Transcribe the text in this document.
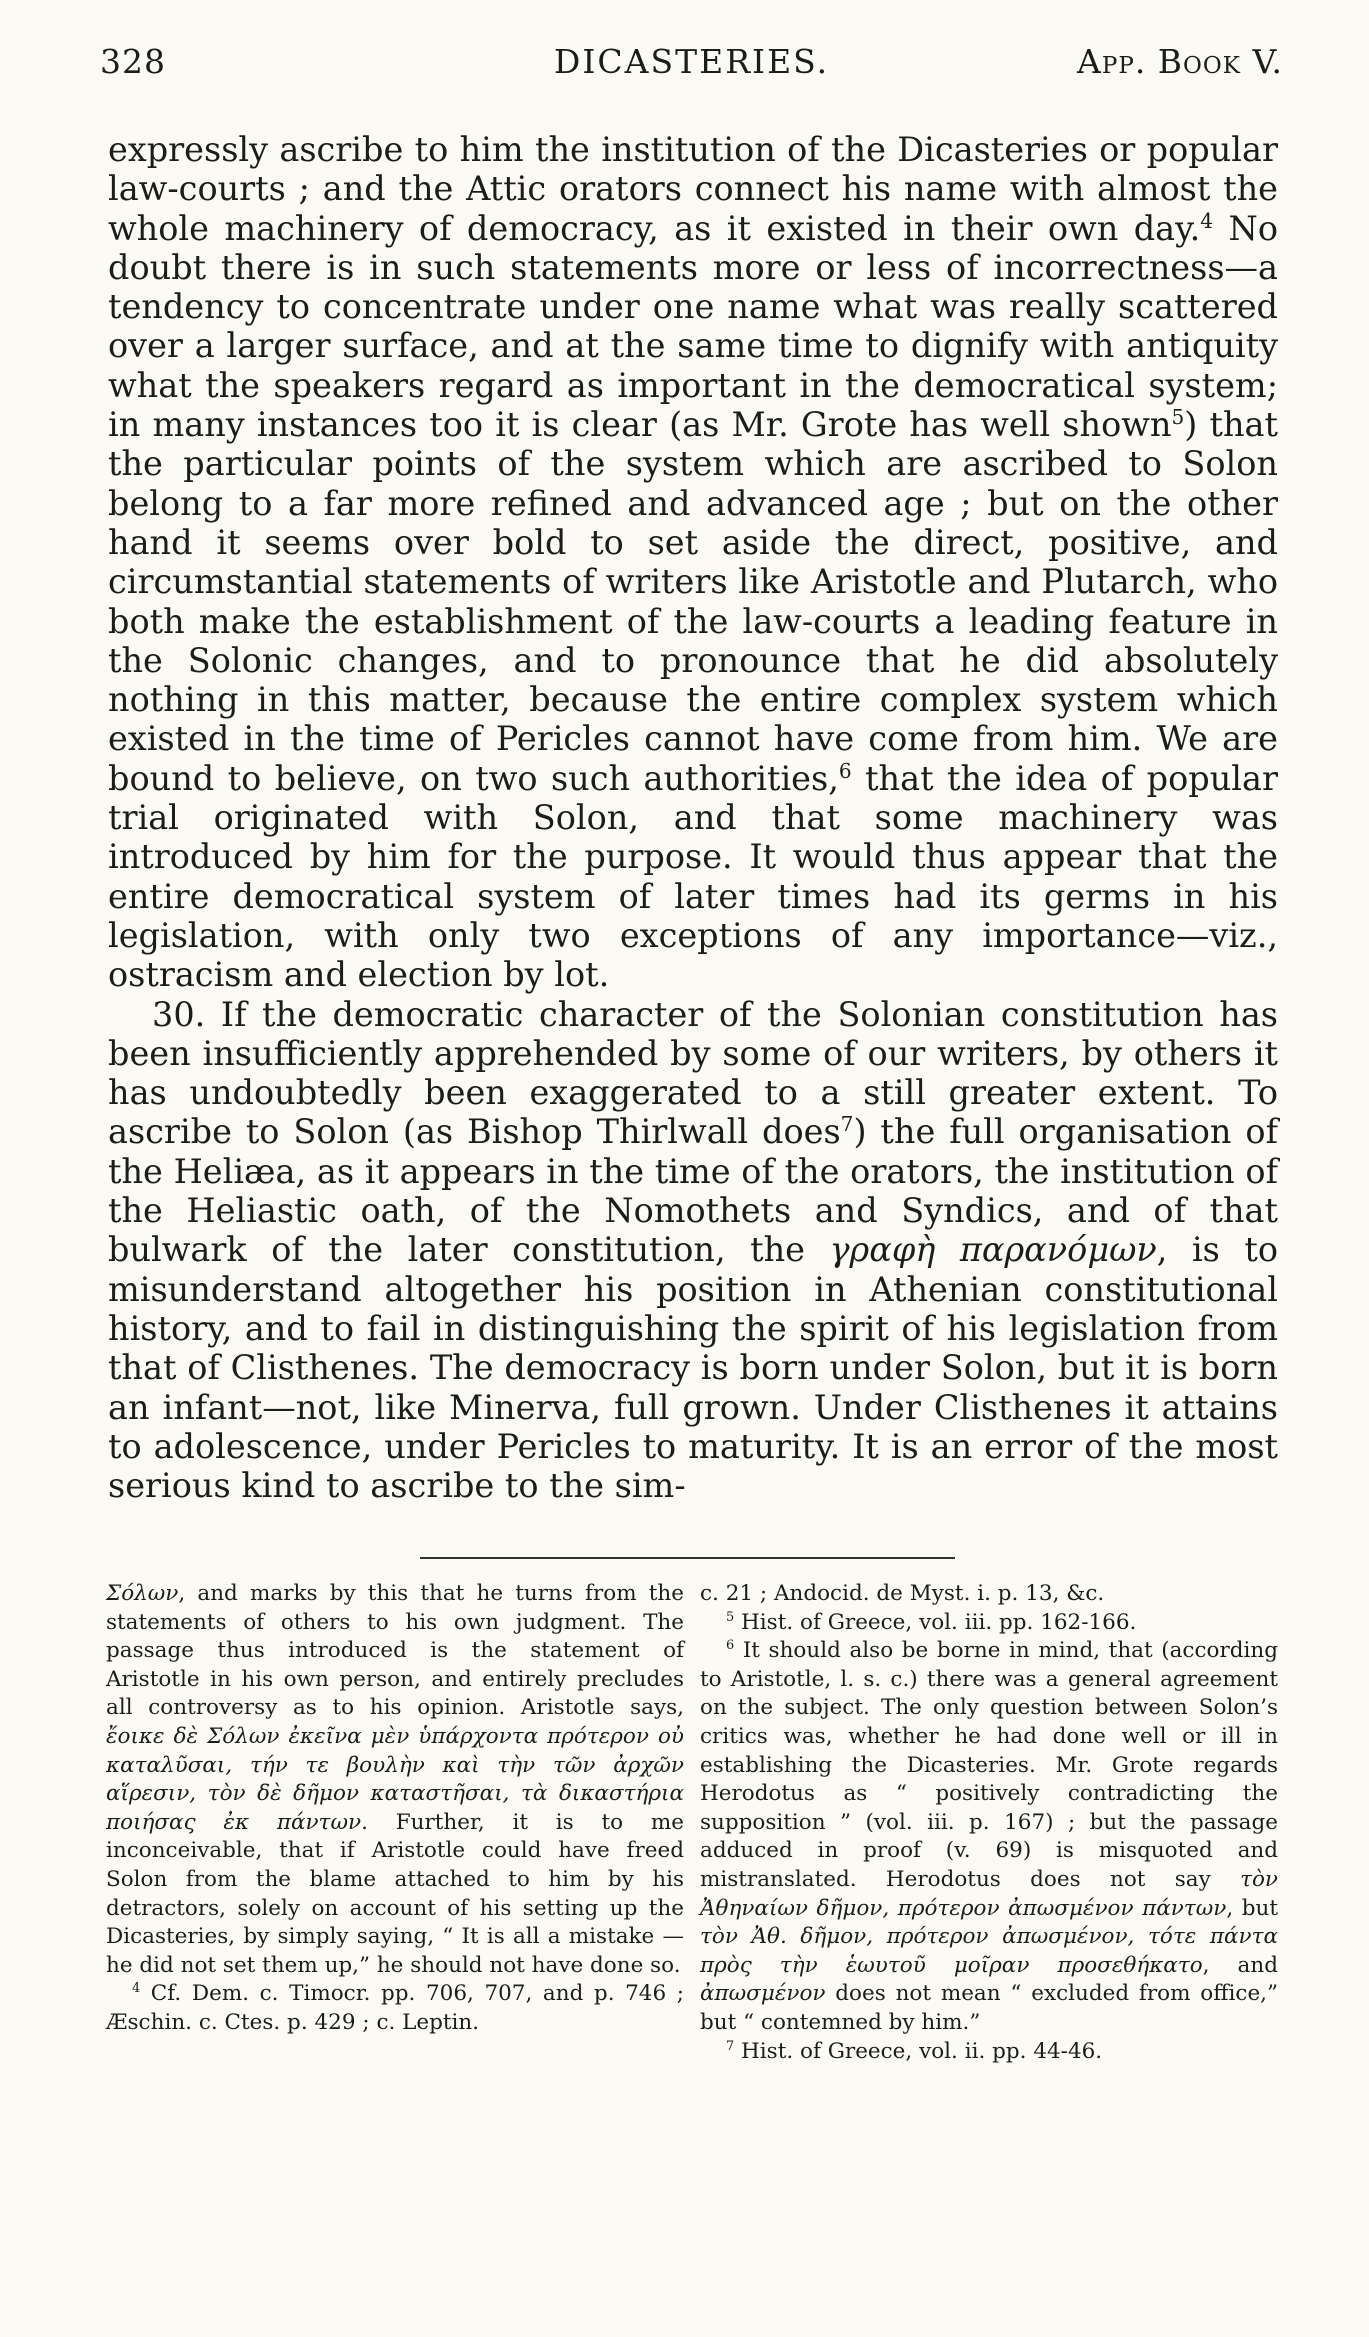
328	DICASTERIES.	App. Book V.

expressly ascribe to him the institution of the Dicasteries or popular law-courts ; and the Attic orators connect his name with almost the whole machinery of democracy, as it existed in their own day.$^4$ No doubt there is in such statements more or less of incorrectness—a tendency to concentrate under one name what was really scattered over a larger surface, and at the same time to dignify with antiquity what the speakers regard as important in the democratical system; in many instances too it is clear (as Mr. Grote has well shown$^5$) that the particular points of the system which are ascribed to Solon belong to a far more refined and advanced age ; but on the other hand it seems over bold to set aside the direct, positive, and circumstantial statements of writers like Aristotle and Plutarch, who both make the establishment of the law-courts a leading feature in the Solonic changes, and to pronounce that he did absolutely nothing in this matter, because the entire complex system which existed in the time of Pericles cannot have come from him. We are bound to believe, on two such authorities,$^6$ that the idea of popular trial originated with Solon, and that some machinery was introduced by him for the purpose. It would thus appear that the entire democratical system of later times had its germs in his legislation, with only two exceptions of any importance—viz., ostracism and election by lot.

30. If the democratic character of the Solonian constitution has been insufficiently apprehended by some of our writers, by others it has undoubtedly been exaggerated to a still greater extent. To ascribe to Solon (as Bishop Thirlwall does$^7$) the full organisation of the Heliæa, as it appears in the time of the orators, the institution of the Heliastic oath, of the Nomothets and Syndics, and of that bulwark of the later constitution, the γραφὴ παρανόμων, is to misunderstand altogether his position in Athenian constitutional history, and to fail in distinguishing the spirit of his legislation from that of Clisthenes. The democracy is born under Solon, but it is born an infant—not, like Minerva, full grown. Under Clisthenes it attains to adolescence, under Pericles to maturity. It is an error of the most serious kind to ascribe to the sim-

Σόλων, and marks by this that he turns from the statements of others to his own judgment. The passage thus introduced is the statement of Aristotle in his own person, and entirely precludes all controversy as to his opinion. Aristotle says, ἔοικε δὲ Σόλων ἐκεῖνα μὲν ὑπάρχοντα πρότερον οὐ καταλῦσαι, τήν τε βουλὴν καὶ τὴν τῶν ἀρχῶν αἵρεσιν, τὸν δὲ δῆμον καταστῆσαι, τὰ δικαστήρια ποιήσας ἐκ πάντων. Further, it is to me inconceivable, that if Aristotle could have freed Solon from the blame attached to him by his detractors, solely on account of his setting up the Dicasteries, by simply saying, “ It is all a mistake — he did not set them up,” he should not have done so.

$^4$ Cf. Dem. c. Timocr. pp. 706, 707, and p. 746 ; Æschin. c. Ctes. p. 429 ; c. Leptin.

c. 21 ; Andocid. de Myst. i. p. 13, &c.

$^5$ Hist. of Greece, vol. iii. pp. 162-166.

$^6$ It should also be borne in mind, that (according to Aristotle, l. s. c.) there was a general agreement on the subject. The only question between Solon’s critics was, whether he had done well or ill in establishing the Dicasteries. Mr. Grote regards Herodotus as “ positively contradicting the supposition ” (vol. iii. p. 167) ; but the passage adduced in proof (v. 69) is misquoted and mistranslated. Herodotus does not say τὸν Ἀθηναίων δῆμον, πρότερον ἀπωσμένον πάντων, but τὸν Ἀθ. δῆμον, πρότερον ἀπωσμένον, τότε πάντα πρὸς τὴν ἑωυτοῦ μοῖραν προσεθήκατο, and ἀπωσμένον does not mean “ excluded from office,” but “ contemned by him.”

$^7$ Hist. of Greece, vol. ii. pp. 44-46.
